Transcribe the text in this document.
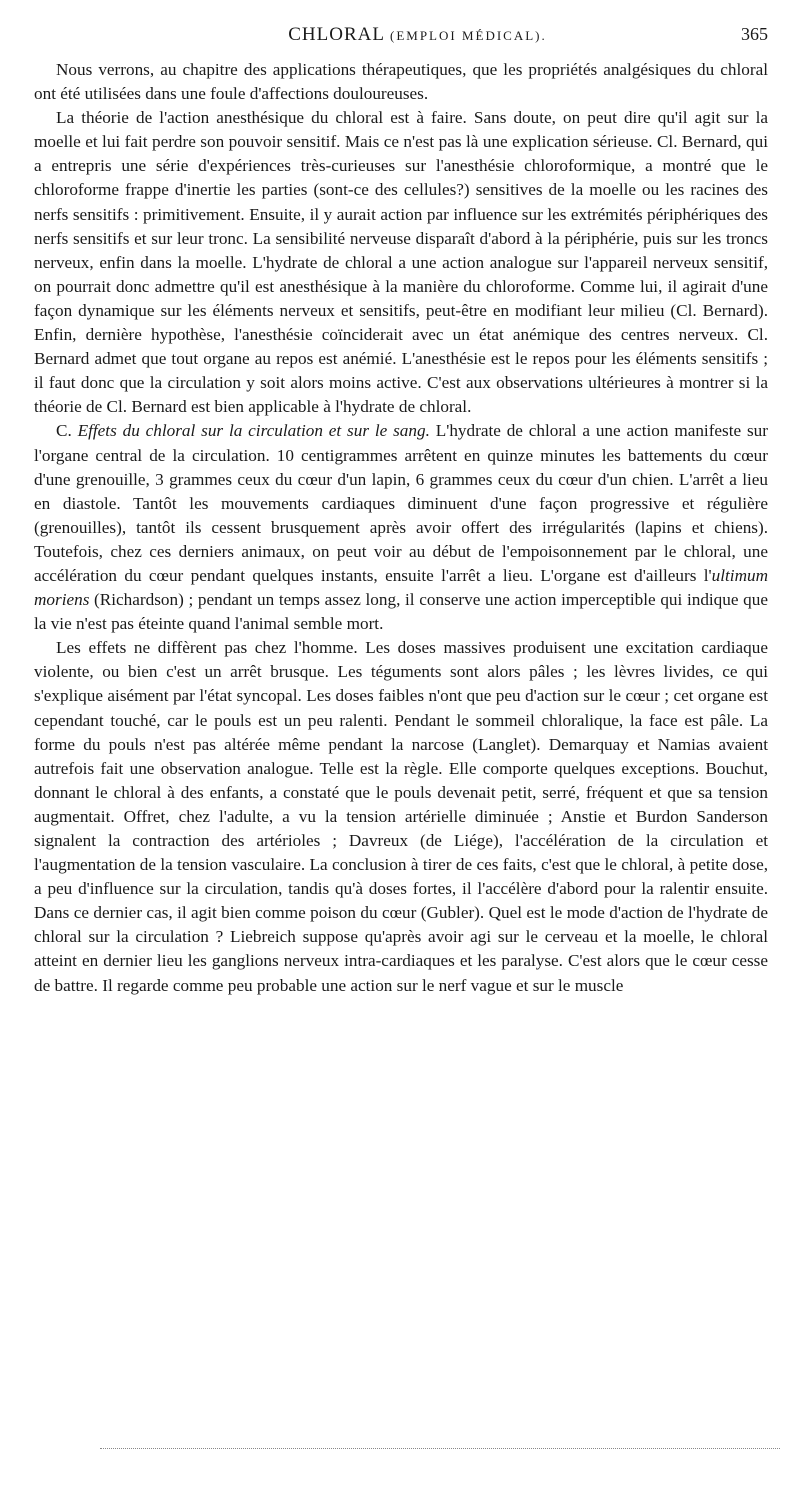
CHLORAL (EMPLOI MÉDICAL).	365

Nous verrons, au chapitre des applications thérapeutiques, que les propriétés analgésiques du chloral ont été utilisées dans une foule d'affections douloureuses.

La théorie de l'action anesthésique du chloral est à faire. Sans doute, on peut dire qu'il agit sur la moelle et lui fait perdre son pouvoir sensitif. Mais ce n'est pas là une explication sérieuse. Cl. Bernard, qui a entrepris une série d'expériences très-curieuses sur l'anesthésie chloroformique, a montré que le chloroforme frappe d'inertie les parties (sont-ce des cellules?) sensitives de la moelle ou les racines des nerfs sensitifs : primitivement. Ensuite, il y aurait action par influence sur les extrémités périphériques des nerfs sensitifs et sur leur tronc. La sensibilité nerveuse disparaît d'abord à la périphérie, puis sur les troncs nerveux, enfin dans la moelle. L'hydrate de chloral a une action analogue sur l'appareil nerveux sensitif, on pourrait donc admettre qu'il est anesthésique à la manière du chloroforme. Comme lui, il agirait d'une façon dynamique sur les éléments nerveux et sensitifs, peut-être en modifiant leur milieu (Cl. Bernard). Enfin, dernière hypothèse, l'anesthésie coïnciderait avec un état anémique des centres nerveux. Cl. Bernard admet que tout organe au repos est anémié. L'anesthésie est le repos pour les éléments sensitifs ; il faut donc que la circulation y soit alors moins active. C'est aux observations ultérieures à montrer si la théorie de Cl. Bernard est bien applicable à l'hydrate de chloral.

C. Effets du chloral sur la circulation et sur le sang. L'hydrate de chloral a une action manifeste sur l'organe central de la circulation. 10 centigrammes arrêtent en quinze minutes les battements du cœur d'une grenouille, 3 grammes ceux du cœur d'un lapin, 6 grammes ceux du cœur d'un chien. L'arrêt a lieu en diastole. Tantôt les mouvements cardiaques diminuent d'une façon progressive et régulière (grenouilles), tantôt ils cessent brusquement après avoir offert des irrégularités (lapins et chiens). Toutefois, chez ces derniers animaux, on peut voir au début de l'empoisonnement par le chloral, une accélération du cœur pendant quelques instants, ensuite l'arrêt a lieu. L'organe est d'ailleurs l'ultimum moriens (Richardson) ; pendant un temps assez long, il conserve une action imperceptible qui indique que la vie n'est pas éteinte quand l'animal semble mort.

Les effets ne diffèrent pas chez l'homme. Les doses massives produisent une excitation cardiaque violente, ou bien c'est un arrêt brusque. Les téguments sont alors pâles ; les lèvres livides, ce qui s'explique aisément par l'état syncopal. Les doses faibles n'ont que peu d'action sur le cœur ; cet organe est cependant touché, car le pouls est un peu ralenti. Pendant le sommeil chloralique, la face est pâle. La forme du pouls n'est pas altérée même pendant la narcose (Langlet). Demarquay et Namias avaient autrefois fait une observation analogue. Telle est la règle. Elle comporte quelques exceptions. Bouchut, donnant le chloral à des enfants, a constaté que le pouls devenait petit, serré, fréquent et que sa tension augmentait. Offret, chez l'adulte, a vu la tension artérielle diminuée ; Anstie et Burdon Sanderson signalent la contraction des artérioles ; Davreux (de Liége), l'accélération de la circulation et l'augmentation de la tension vasculaire. La conclusion à tirer de ces faits, c'est que le chloral, à petite dose, a peu d'influence sur la circulation, tandis qu'à doses fortes, il l'accélère d'abord pour la ralentir ensuite. Dans ce dernier cas, il agit bien comme poison du cœur (Gubler). Quel est le mode d'action de l'hydrate de chloral sur la circulation ? Liebreich suppose qu'après avoir agi sur le cerveau et la moelle, le chloral atteint en dernier lieu les ganglions nerveux intra-cardiaques et les paralyse. C'est alors que le cœur cesse de battre. Il regarde comme peu probable une action sur le nerf vague et sur le muscle
